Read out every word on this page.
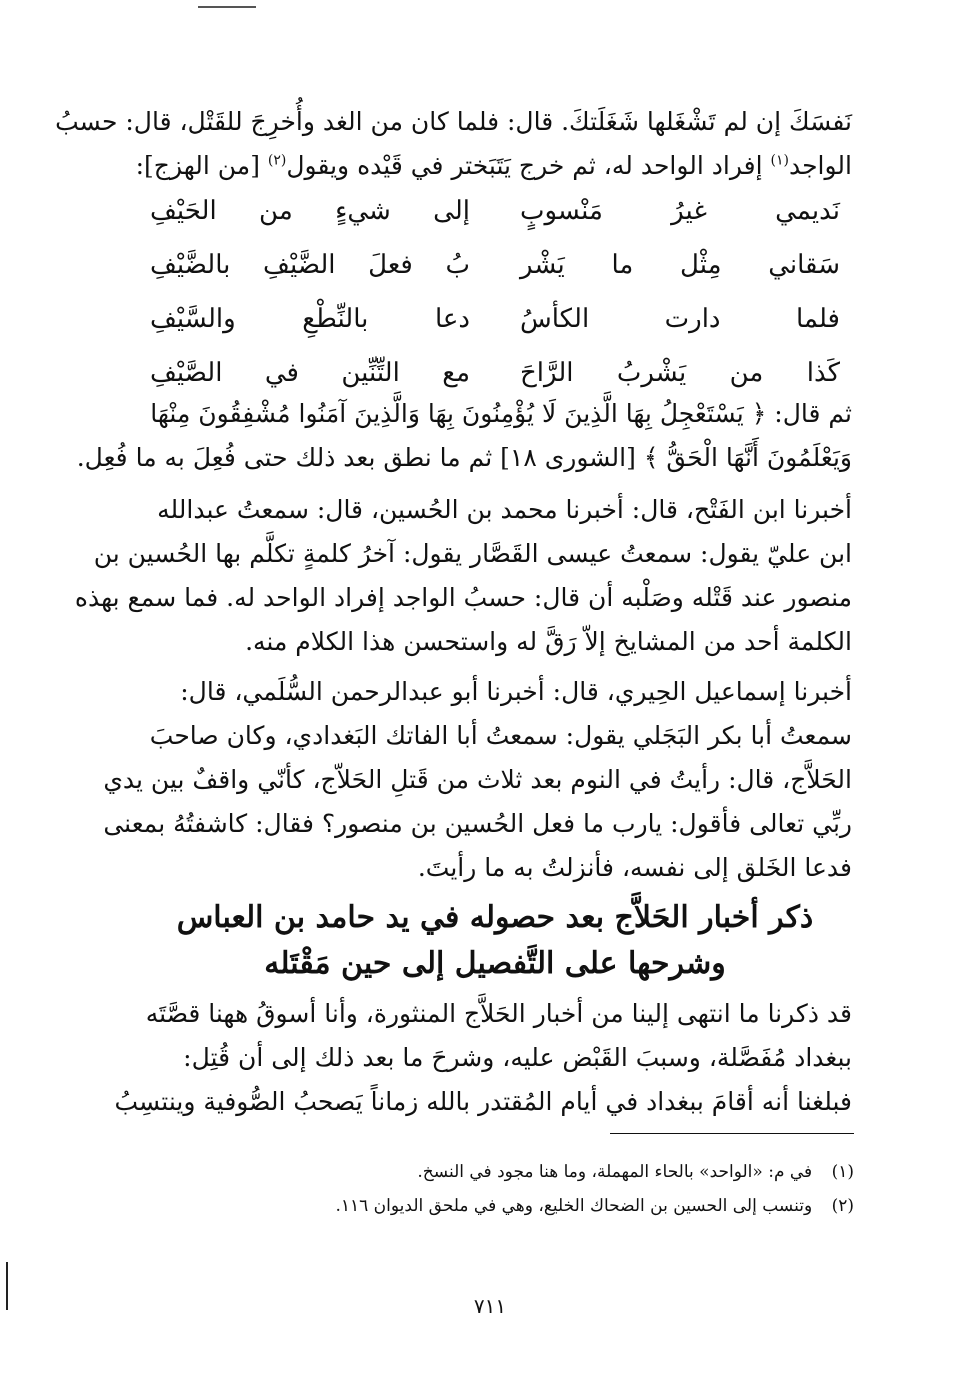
نَفسَكَ إن لم تَشْغَلها شَغَلَتكَ. قال: فلما كان من الغد وأُخرِجَ للقَتْل، قال: حسبُ
الواجد$^{(١)}$ إفراد الواحد له، ثم خرج يَتَبَختر في قَيْده ويقول$^{(٢)}$ [من الهزج]:
نَديمي غيرُ مَنْسوبٍ
إلى شيءٍ من الحَيْفِ
سَقاني مِثْل ما يَشْر
بُ فعلَ الضَّيْفِ بالضَّيْفِ
فلما دارت الكأسُ
دعا بالنِّطْعِ والسَّيْفِ
كَذا من يَشْربُ الرَّاحَ
مع التِّنِّين في الصَّيْفِ
ثم قال: ﴿ يَسْتَعْجِلُ بِهَا الَّذِينَ لَا يُؤْمِنُونَ بِهَا وَالَّذِينَ آمَنُوا مُشْفِقُونَ مِنْهَا
وَيَعْلَمُونَ أَنَّهَا الْحَقُّ ﴾ [الشورى ١٨] ثم ما نطق بعد ذلك حتى فُعِلَ به ما فُعِل.
أخبرنا ابن الفَتْح، قال: أخبرنا محمد بن الحُسين، قال: سمعتُ عبدالله
ابن عليّ يقول: سمعتُ عيسى القَصَّار يقول: آخرُ كلمةٍ تكلَّم بها الحُسين بن
منصور عند قَتْله وصَلْبه أن قال: حسبُ الواجد إفراد الواحد له. فما سمع بهذه
الكلمة أحد من المشايخ إلاّ رَقَّ له واستحسن هذا الكلام منه.
أخبرنا إسماعيل الحِيري، قال: أخبرنا أبو عبدالرحمن السُّلَمي، قال:
سمعتُ أبا بكر البَجَلي يقول: سمعتُ أبا الفاتك البَغدادي، وكان صاحبَ
الحَلاَّج، قال: رأيتُ في النوم بعد ثلاث من قَتلِ الحَلاّج، كأنّي واقفٌ بين يدي
ربِّي تعالى فأقول: يارب ما فعل الحُسين بن منصور؟ فقال: كاشفتُهُ بمعنى
فدعا الخَلق إلى نفسه، فأنزلتُ به ما رأيتَ.
ذكر أخبار الحَلاَّج بعد حصوله في يد حامد بن العباس
وشرحها على التَّفصيل إلى حين مَقْتَله
قد ذكرنا ما انتهى إلينا من أخبار الحَلاَّج المنثورة، وأنا أسوقُ ههنا قصَّتَه
ببغداد مُفَصَّلة، وسببَ القَبْض عليه، وشرحَ ما بعد ذلك إلى أن قُتِل:
فبلغنا أنه أقامَ ببغداد في أيام المُقتدر بالله زماناً يَصحبُ الصُّوفية وينتسِبُ
(١) في م: «الواحد» بالحاء المهملة، وما هنا مجود في النسخ.
(٢) وتنسب إلى الحسين بن الضحاك الخليع، وهي في ملحق الديوان ١١٦.
٧١١
